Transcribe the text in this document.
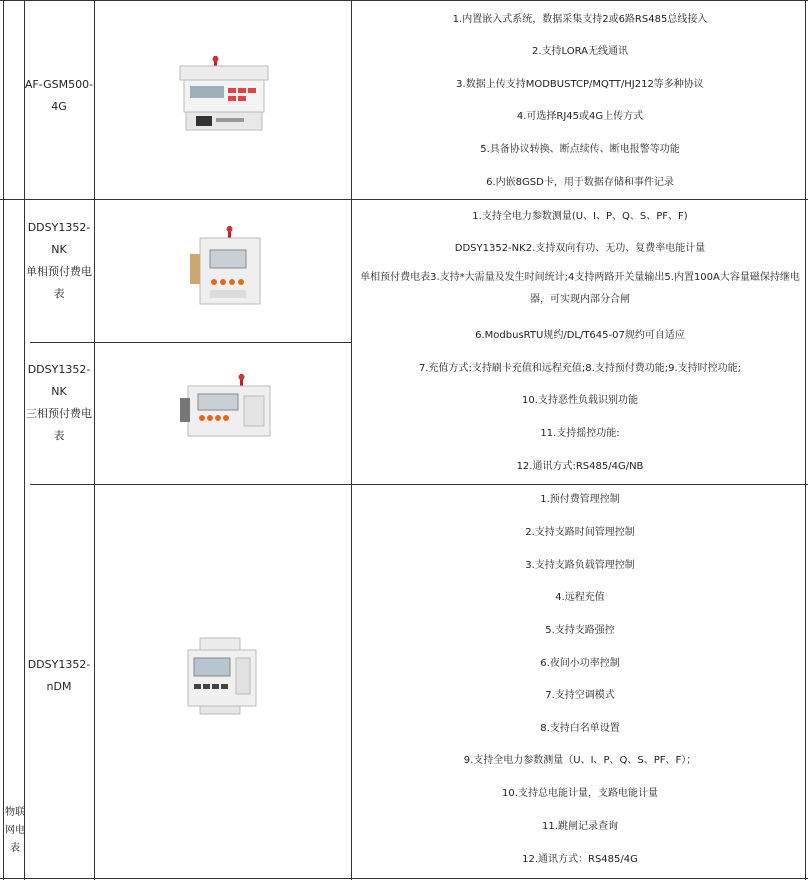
物联
网电
表
AF-GSM500-
4G
1.内置嵌入式系统，数据采集支持2或6路RS485总线接入
2.支持LORA无线通讯
3.数据上传支持MODBUSTCP/MQTT/HJ212等多种协议
4.可选择RJ45或4G上传方式
5.具备协议转换、断点续传、断电报警等功能
6.内嵌8GSD卡，用于数据存储和事件记录
DDSY1352-
NK
单相预付费电
表
DDSY1352-
NK
三相预付费电
表
1.支持全电力参数测量(U、I、P、Q、S、PF、F)
DDSY1352-NK2.支持双向有功、无功、复费率电能计量
单相预付费电表3.支持*大需量及发生时间统计;4支持两路开关量输出5.内置100A大容量磁保持继电器，可实现内部分合闸
6.ModbusRTU规约/DL/T645-07规约可自适应
7.充值方式:支持刷卡充值和远程充值;8.支持预付费功能;9.支持时控功能;
10.支持恶性负载识别功能
11.支持摇控功能:
12.通讯方式:RS485/4G/NB
DDSY1352-
nDM
1.预付费管理控制
2.支持支路时间管理控制
3.支持支路负载管理控制
4.远程充值
5.支持支路强控
6.夜间小功率控制
7.支持空调模式
8.支持白名单设置
9.支持全电力参数测量（U、I、P、Q、S、PF、F）；
10.支持总电能计量，支路电能计量
11.跳闸记录查询
12.通讯方式：RS485/4G
